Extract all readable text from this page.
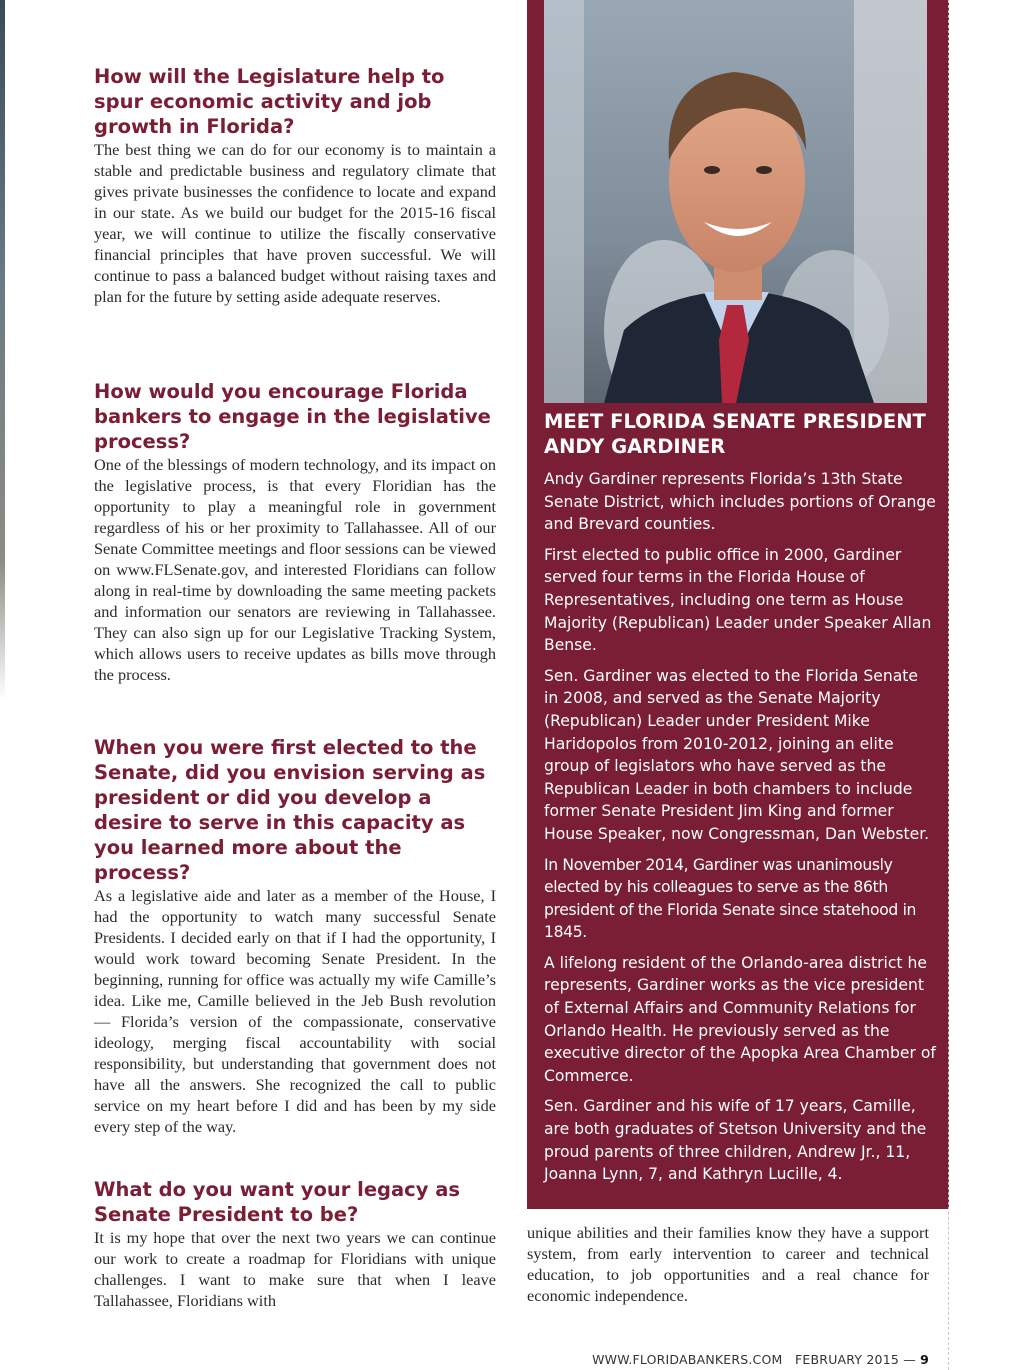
How will the Legislature help to spur economic activity and job growth in Florida?

The best thing we can do for our economy is to maintain a stable and predictable business and regulatory climate that gives private businesses the confidence to locate and expand in our state. As we build our budget for the 2015-16 fiscal year, we will continue to utilize the fiscally conservative financial principles that have proven successful. We will continue to pass a balanced budget without raising taxes and plan for the future by setting aside adequate reserves.

How would you encourage Florida bankers to engage in the legislative process?

One of the blessings of modern technology, and its impact on the legislative process, is that every Floridian has the opportunity to play a meaningful role in government regardless of his or her proximity to Tallahassee. All of our Senate Committee meetings and floor sessions can be viewed on www.FLSenate.gov, and interested Floridians can follow along in real-time by downloading the same meeting packets and information our senators are reviewing in Tallahassee. They can also sign up for our Legislative Tracking System, which allows users to receive updates as bills move through the process.

When you were first elected to the Senate, did you envision serving as president or did you develop a desire to serve in this capacity as you learned more about the process?

As a legislative aide and later as a member of the House, I had the opportunity to watch many successful Senate Presidents. I decided early on that if I had the opportunity, I would work toward becoming Senate President. In the beginning, running for office was actually my wife Camille’s idea. Like me, Camille believed in the Jeb Bush revolution — Florida’s version of the compassionate, conservative ideology, merging fiscal accountability with social responsibility, but understanding that government does not have all the answers. She recognized the call to public service on my heart before I did and has been by my side every step of the way.

What do you want your legacy as Senate President to be?

It is my hope that over the next two years we can continue our work to create a roadmap for Floridians with unique challenges. I want to make sure that when I leave Tallahassee, Floridians with

MEET FLORIDA SENATE PRESIDENT ANDY GARDINER

Andy Gardiner represents Florida’s 13th State Senate District, which includes portions of Orange and Brevard counties.

First elected to public office in 2000, Gardiner served four terms in the Florida House of Representatives, including one term as House Majority (Republican) Leader under Speaker Allan Bense.

Sen. Gardiner was elected to the Florida Senate in 2008, and served as the Senate Majority (Republican) Leader under President Mike Haridopolos from 2010-2012, joining an elite group of legislators who have served as the Republican Leader in both chambers to include former Senate President Jim King and former House Speaker, now Congressman, Dan Webster.

In November 2014, Gardiner was unanimously elected by his colleagues to serve as the 86th president of the Florida Senate since statehood in 1845.

A lifelong resident of the Orlando-area district he represents, Gardiner works as the vice president of External Affairs and Community Relations for Orlando Health. He previously served as the executive director of the Apopka Area Chamber of Commerce.

Sen. Gardiner and his wife of 17 years, Camille, are both graduates of Stetson University and the proud parents of three children, Andrew Jr., 11, Joanna Lynn, 7, and Kathryn Lucille, 4.

unique abilities and their families know they have a support system, from early intervention to career and technical education, to job opportunities and a real chance for economic independence.

WWW.FLORIDABANKERS.COM FEBRUARY 2015 — 9
